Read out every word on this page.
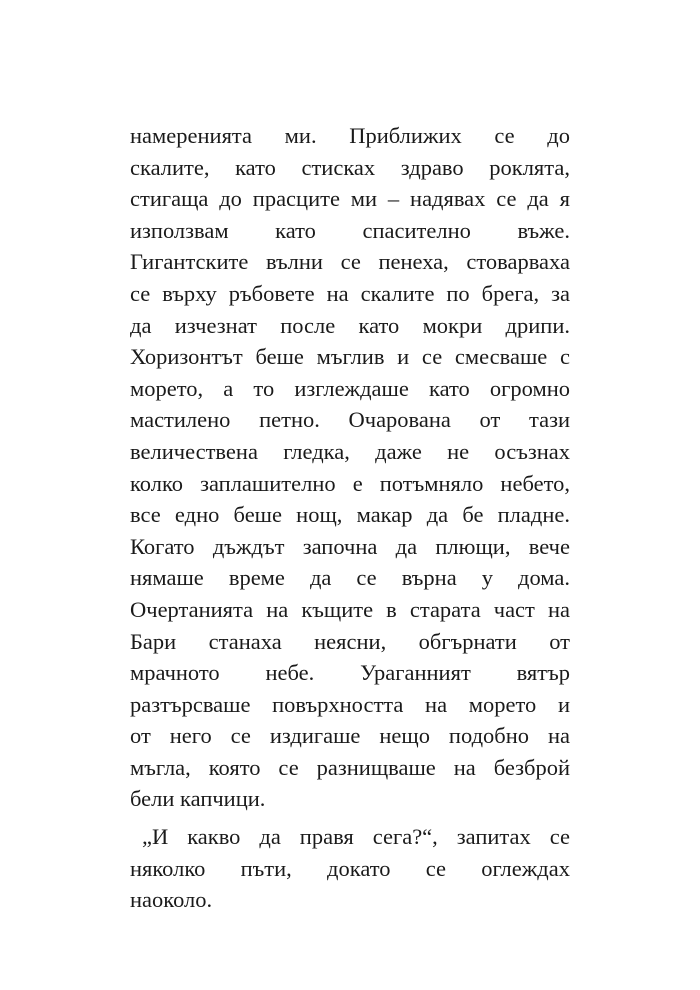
намеренията ми. Приближих се до
скалите, като стисках здраво роклята,
стигаща до прасците ми – надявах се да я
използвам като спасително въже.
Гигантските вълни се пенеха, стоварваха
се върху ръбовете на скалите по брега, за
да изчезнат после като мокри дрипи.
Хоризонтът беше мъглив и се смесваше с
морето, а то изглеждаше като огромно
мастилено петно. Очарована от тази
величествена гледка, даже не осъзнах
колко заплашително е потъмняло небето,
все едно беше нощ, макар да бе пладне.
Когато дъждът започна да плющи, вече
нямаше време да се върна у дома.
Очертанията на къщите в старата част на
Бари станаха неясни, обгърнати от
мрачното небе. Ураганният вятър
разтърсваше повърхността на морето и
от него се издигаше нещо подобно на
мъгла, която се разнищваше на безброй
бели капчици.
„И какво да правя сега?“, запитах се
няколко пъти, докато се оглеждах
наоколо.
